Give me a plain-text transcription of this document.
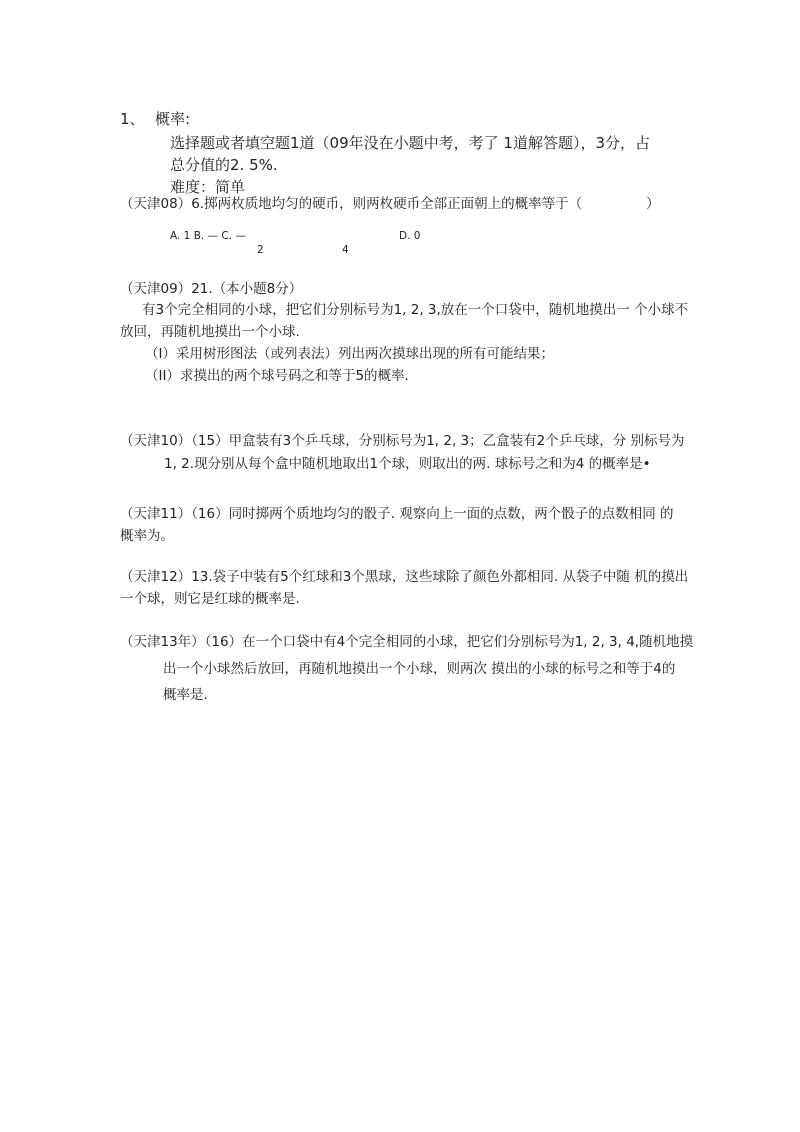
1、 概率:
选择题或者填空题1道（09年没在小题中考，考了 1道解答题），3分，占
总分值的2. 5%.
难度：简单
（天津08）6.掷两枚质地均匀的硬币，则两枚硬币全部正面朝上的概率等于（	）
A. 1 B. — C. —	D. 0
2	4
（天津09）21.（本小题8分）
有3个完全相同的小球，把它们分别标号为1, 2, 3,放在一个口袋中，随机地摸出一 个小球不
放回，再随机地摸出一个小球.
（I）采用树形图法（或列表法）列出两次摸球出现的所有可能结果；
（II）求摸出的两个球号码之和等于5的概率.
（天津10）（15）甲盒装有3个乒乓球，分别标号为1, 2, 3；乙盒装有2个乒乓球，分 别标号为
1, 2.现分别从每个盒中随机地取出1个球，则取出的两. 球标号之和为4 的概率是•
（天津11）（16）同时掷两个质地均匀的骰子. 观察向上一面的点数，两个骰子的点数相同 的
概率为。
（天津12）13.袋子中装有5个红球和3个黑球，这些球除了颜色外都相同. 从袋子中随 机的摸出
一个球，则它是红球的概率是.
（天津13年）（16）在一个口袋中有4个完全相同的小球，把它们分别标号为1, 2, 3, 4,随机地摸
出一个小球然后放回，再随机地摸出一个小球，则两次 摸出的小球的标号之和等于4的
概率是.
